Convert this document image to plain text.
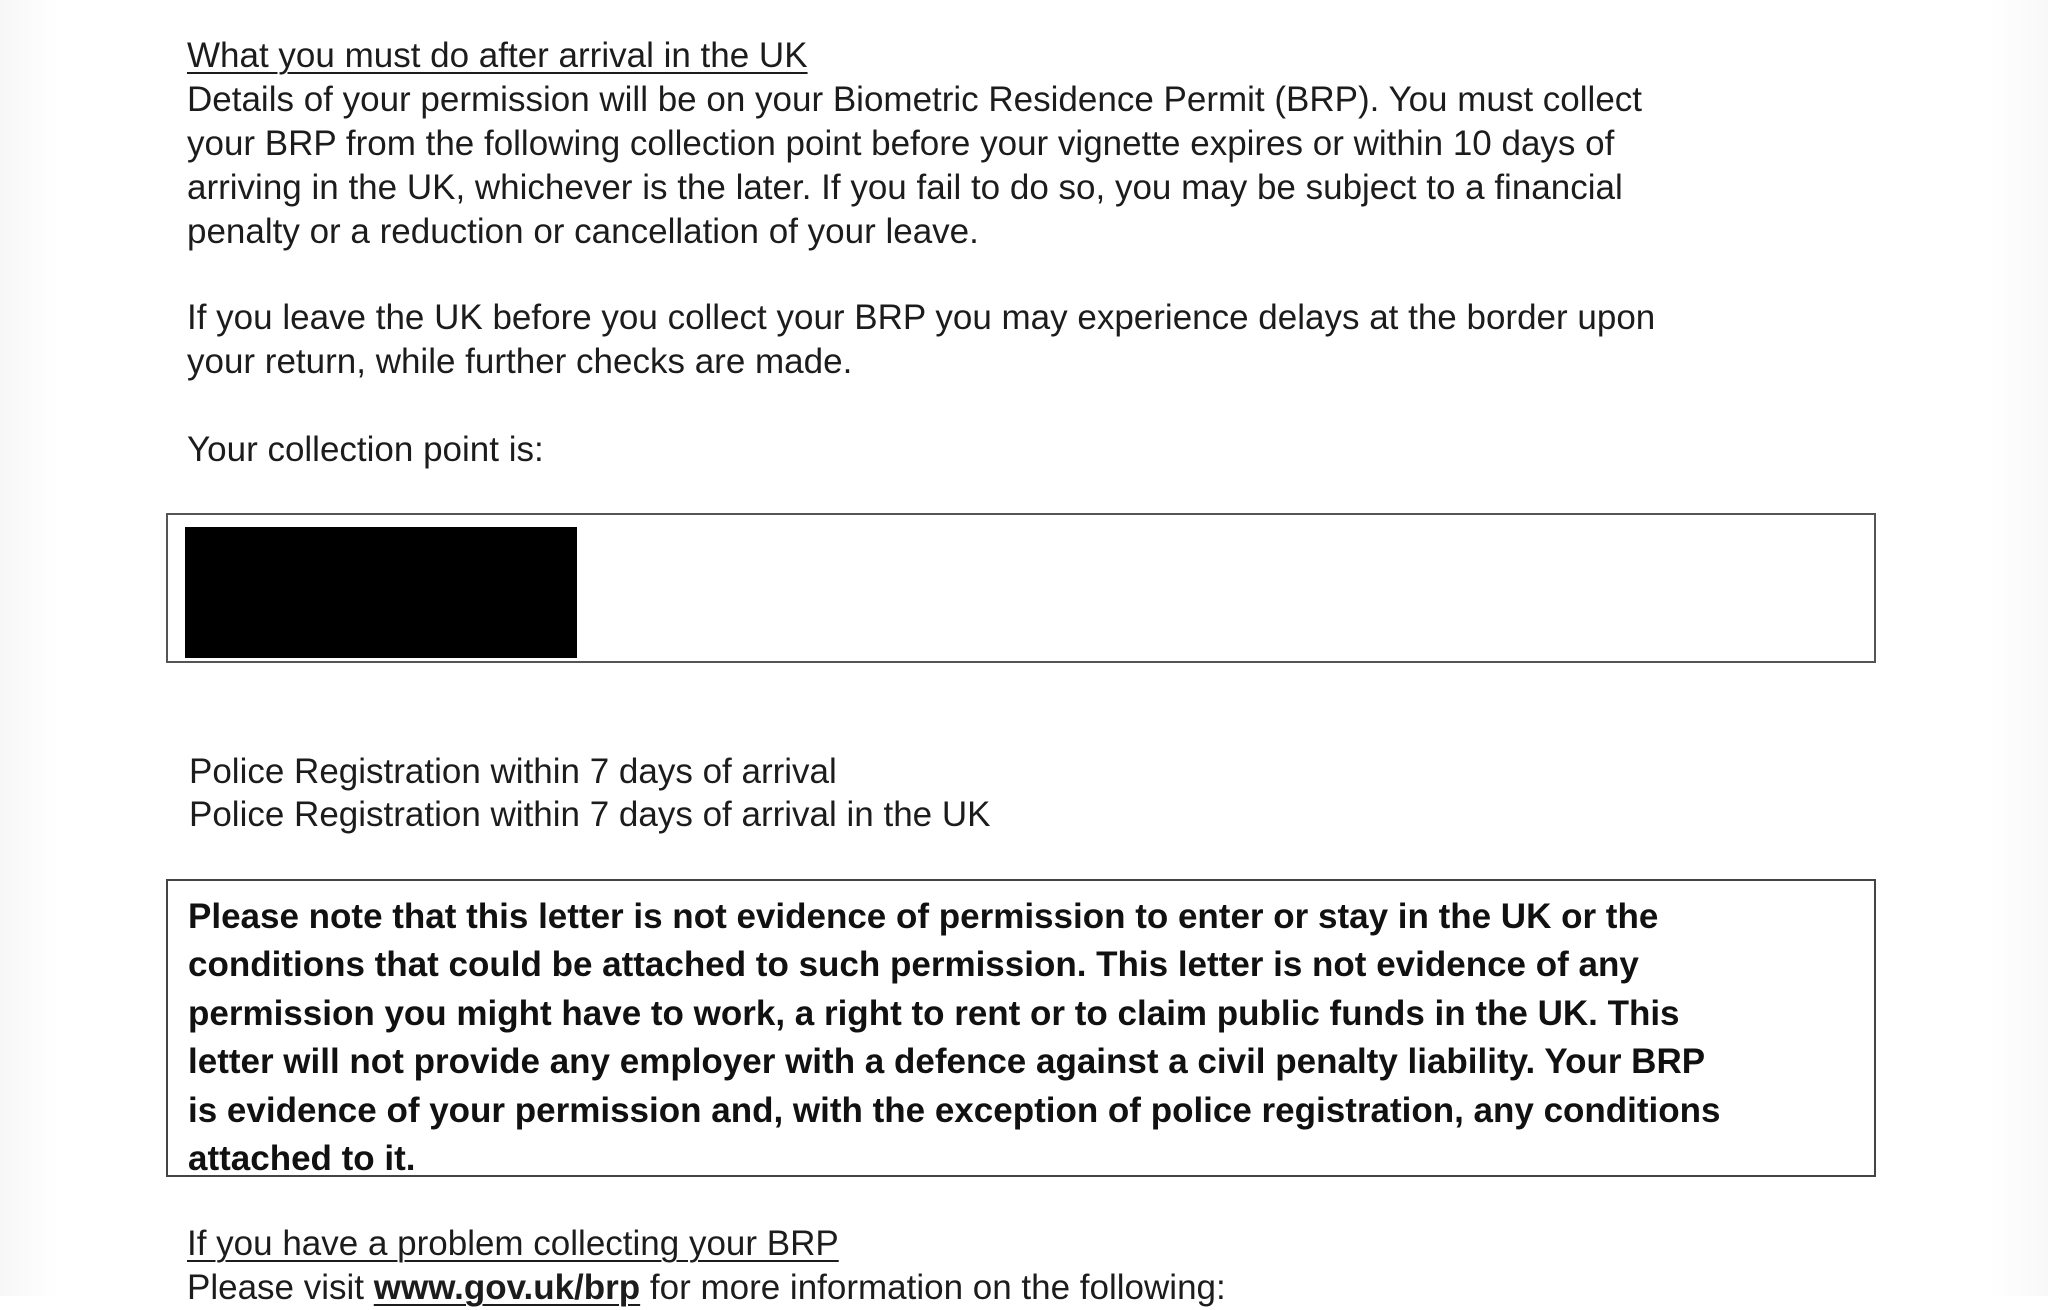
What you must do after arrival in the UK
Details of your permission will be on your Biometric Residence Permit (BRP). You must collect
your BRP from the following collection point before your vignette expires or within 10 days of
arriving in the UK, whichever is the later. If you fail to do so, you may be subject to a financial
penalty or a reduction or cancellation of your leave.
If you leave the UK before you collect your BRP you may experience delays at the border upon
your return, while further checks are made.
Your collection point is:
Police Registration within 7 days of arrival
Police Registration within 7 days of arrival in the UK
Please note that this letter is not evidence of permission to enter or stay in the UK or the
conditions that could be attached to such permission. This letter is not evidence of any
permission you might have to work, a right to rent or to claim public funds in the UK. This
letter will not provide any employer with a defence against a civil penalty liability. Your BRP
is evidence of your permission and, with the exception of police registration, any conditions
attached to it.
If you have a problem collecting your BRP
Please visit www.gov.uk/brp for more information on the following:
